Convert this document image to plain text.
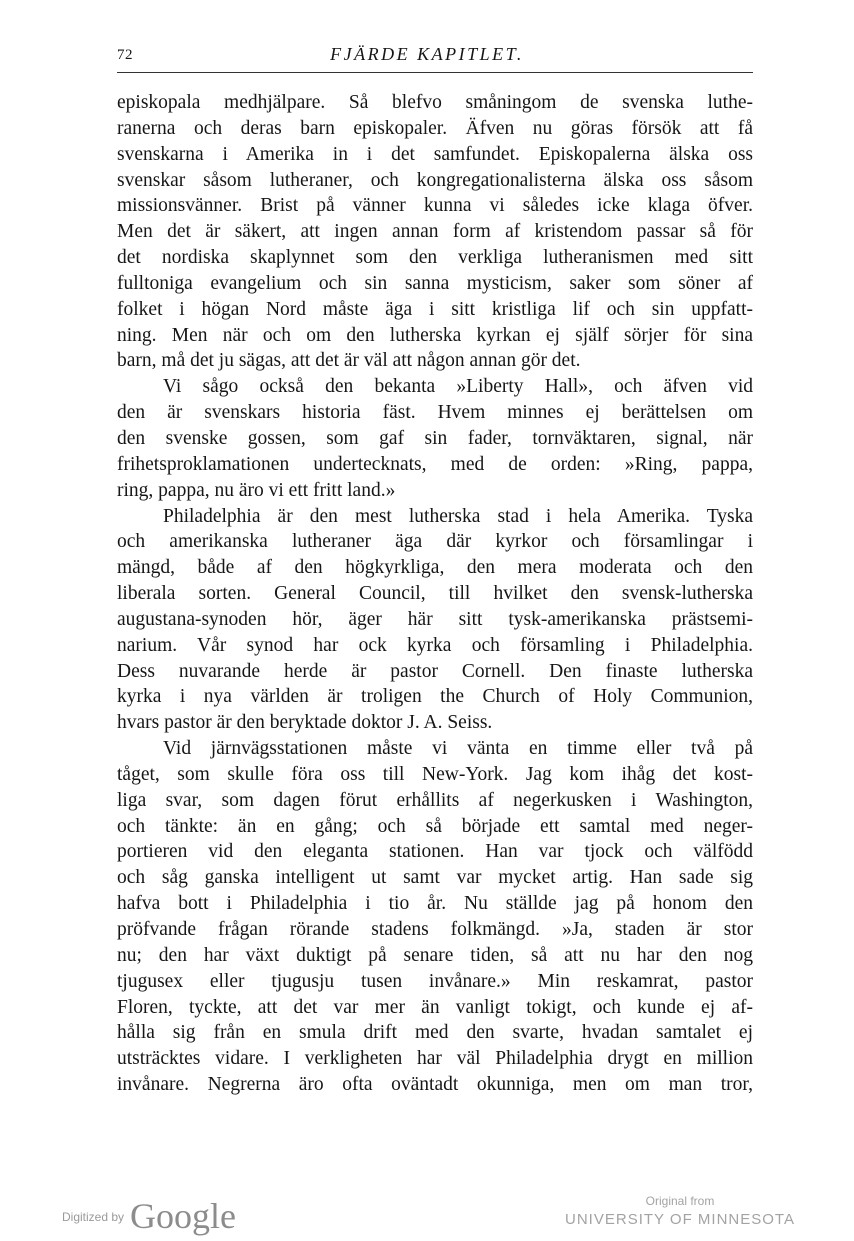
72	FJÄRDE KAPITLET.
episkopala medhjälpare. Så blefvo småningom de svenska luthe-
ranerna och deras barn episkopaler. Äfven nu göras försök att få
svenskarna i Amerika in i det samfundet. Episkopalerna älska oss
svenskar såsom lutheraner, och kongregationalisterna älska oss såsom
missionsvänner. Brist på vänner kunna vi således icke klaga öfver.
Men det är säkert, att ingen annan form af kristendom passar så för
det nordiska skaplynnet som den verkliga lutheranismen med sitt
fulltoniga evangelium och sin sanna mysticism, saker som söner af
folket i högan Nord måste äga i sitt kristliga lif och sin uppfatt-
ning. Men när och om den lutherska kyrkan ej själf sörjer för sina
barn, må det ju sägas, att det är väl att någon annan gör det.
Vi sågo också den bekanta »Liberty Hall», och äfven vid
den är svenskars historia fäst. Hvem minnes ej berättelsen om
den svenske gossen, som gaf sin fader, tornväktaren, signal, när
frihetsproklamationen undertecknats, med de orden: »Ring, pappa,
ring, pappa, nu äro vi ett fritt land.»
Philadelphia är den mest lutherska stad i hela Amerika. Tyska
och amerikanska lutheraner äga där kyrkor och församlingar i
mängd, både af den högkyrkliga, den mera moderata och den
liberala sorten. General Council, till hvilket den svensk-lutherska
augustana-synoden hör, äger här sitt tysk-amerikanska prästsemi-
narium. Vår synod har ock kyrka och församling i Philadelphia.
Dess nuvarande herde är pastor Cornell. Den finaste lutherska
kyrka i nya världen är troligen the Church of Holy Communion,
hvars pastor är den beryktade doktor J. A. Seiss.
Vid järnvägsstationen måste vi vänta en timme eller två på
tåget, som skulle föra oss till New-York. Jag kom ihåg det kost-
liga svar, som dagen förut erhållits af negerkusken i Washington,
och tänkte: än en gång; och så började ett samtal med neger-
portieren vid den eleganta stationen. Han var tjock och välfödd
och såg ganska intelligent ut samt var mycket artig. Han sade sig
hafva bott i Philadelphia i tio år. Nu ställde jag på honom den
pröfvande frågan rörande stadens folkmängd. »Ja, staden är stor
nu; den har växt duktigt på senare tiden, så att nu har den nog
tjugusex eller tjugusju tusen invånare.» Min reskamrat, pastor
Floren, tyckte, att det var mer än vanligt tokigt, och kunde ej af-
hålla sig från en smula drift med den svarte, hvadan samtalet ej
utsträcktes vidare. I verkligheten har väl Philadelphia drygt en million
invånare. Negrerna äro ofta oväntadt okunniga, men om man tror,
Digitized by Google	Original from
UNIVERSITY OF MINNESOTA
